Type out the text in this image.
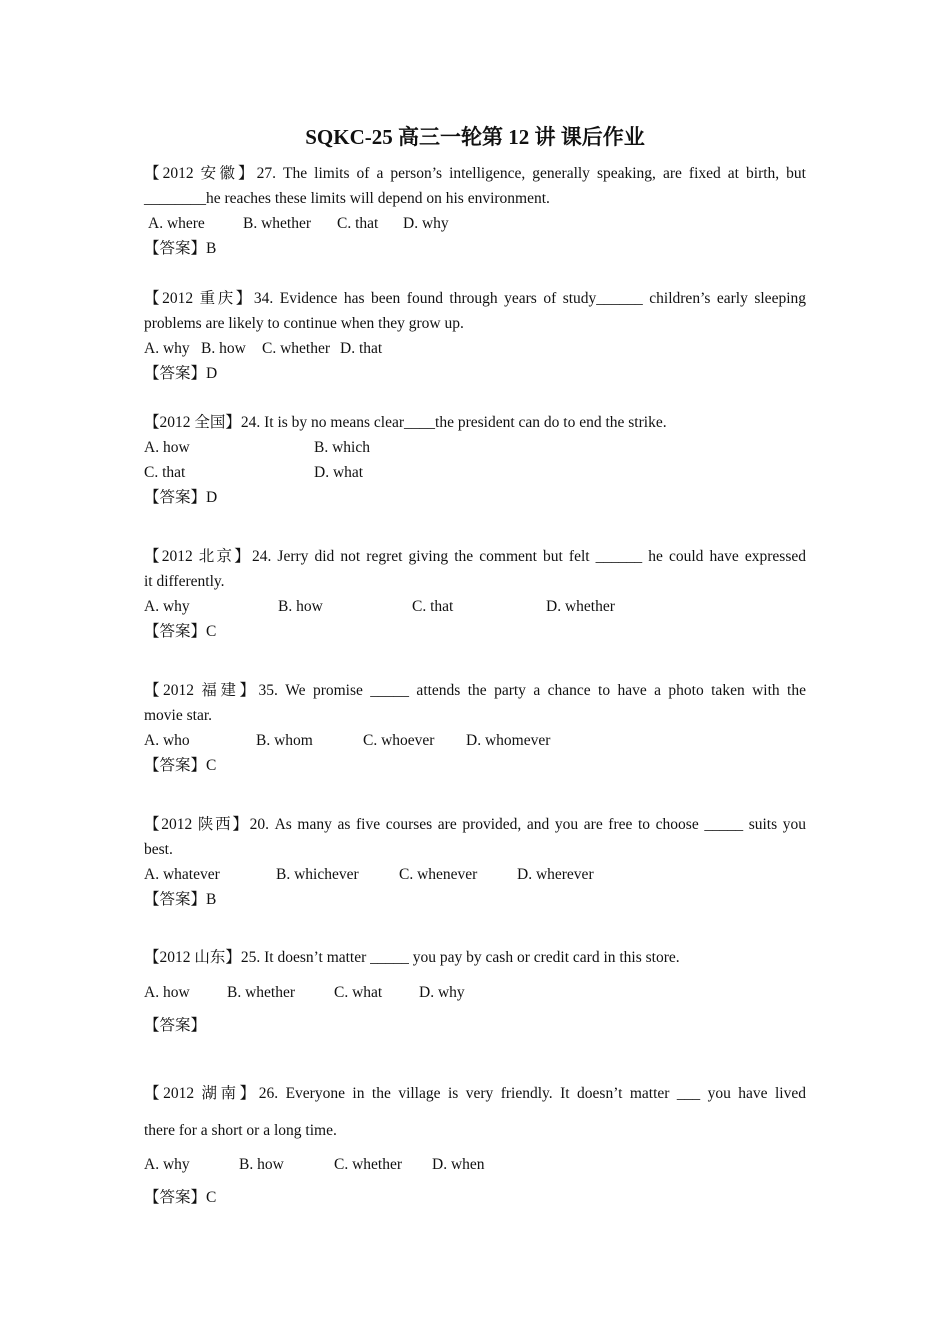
SQKC-25 高三一轮第 12 讲 课后作业
【2012 安徽】27. The limits of a person’s intelligence, generally speaking, are fixed at birth, but
________he reaches these limits will depend on his environment.
A. where B. whether C. that D. why
【答案】B
【2012 重庆】34. Evidence has been found through years of study______ children’s early sleeping
problems are likely to continue when they grow up.
A. why B. how C. whether D. that
【答案】D
【2012 全国】24. It is by no means clear____the president can do to end the strike.
A. how	B. which
C. that	D. what
【答案】D
【2012 北京】24. Jerry did not regret giving the comment but felt ______ he could have expressed
it differently.
A. why	B. how	C. that	D. whether
【答案】C
【2012 福建】35. We promise _____ attends the party a chance to have a photo taken with the
movie star.
A. who	B. whom	C. whoever D. whomever
【答案】C
【2012 陕西】20. As many as five courses are provided, and you are free to choose _____ suits you
best.
A. whatever	B. whichever	C. whenever	D. wherever
【答案】B
【2012 山东】25. It doesn’t matter _____ you pay by cash or credit card in this store.
A. how B. whether	C. what D. why
【答案】
【2012 湖南】26. Everyone in the village is very friendly. It doesn’t matter ___ you have lived
there for a short or a long time.
A. why	B. how	C. whether D. when
【答案】C
